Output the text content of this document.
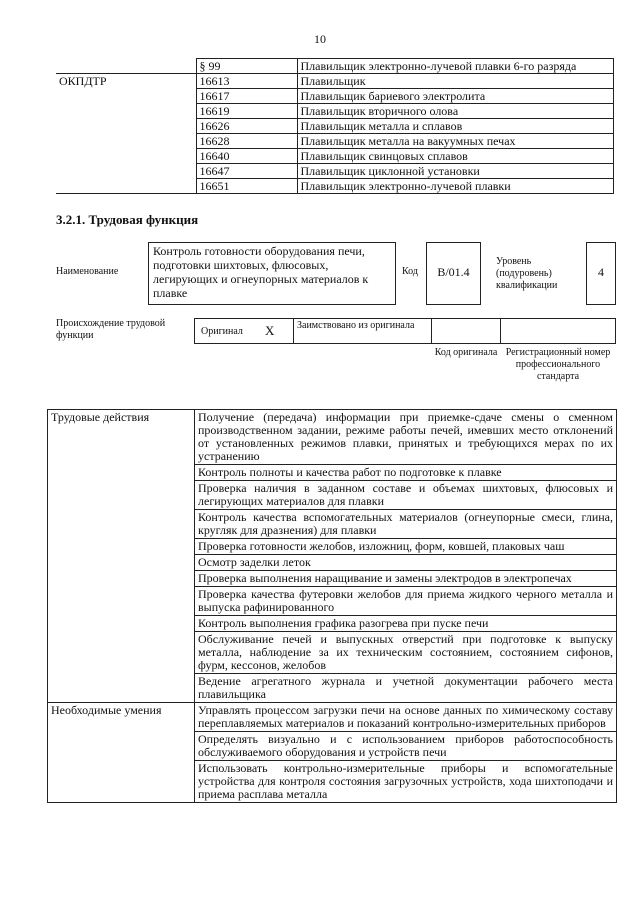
10
	§ 99	Плавильщик электронно-лучевой плавки 6-го разряда
ОКПДТР	16613	Плавильщик
	16617	Плавильщик бариевого электролита
	16619	Плавильщик вторичного олова
	16626	Плавильщик металла и сплавов
	16628	Плавильщик металла на вакуумных печах
	16640	Плавильщик свинцовых сплавов
	16647	Плавильщик циклонной установки
	16651	Плавильщик электронно-лучевой плавки
3.2.1. Трудовая функция
Наименование
Контроль готовности оборудования печи, подготовки шихтовых, флюсовых, легирующих и огнеупорных материалов к плавке
Код	В/01.4
Уровень (подуровень) квалификации
4
Происхождение трудовой функции	Оригинал X	Заимствовано из оригинала
Код оригинала Регистрационный номер профессионального стандарта
Трудовые действия	Получение (передача) информации при приемке-сдаче смены о сменном производственном задании, режиме работы печей, имевших место отклонений от установленных режимов плавки, принятых и требующихся мерах по их устранению
	Контроль полноты и качества работ по подготовке к плавке
	Проверка наличия в заданном составе и объемах шихтовых, флюсовых и легирующих материалов для плавки
	Контроль качества вспомогательных материалов (огнеупорные смеси, глина, кругляк для дразнения) для плавки
	Проверка готовности желобов, изложниц, форм, ковшей, плаковых чаш
	Осмотр заделки леток
	Проверка выполнения наращивание и замены электродов в электропечах
	Проверка качества футеровки желобов для приема жидкого черного металла и выпуска рафинированного
	Контроль выполнения графика разогрева при пуске печи
	Обслуживание печей и выпускных отверстий при подготовке к выпуску металла, наблюдение за их техническим состоянием, состоянием сифонов, фурм, кессонов, желобов
	Ведение агрегатного журнала и учетной документации рабочего места плавильщика
Необходимые умения	Управлять процессом загрузки печи на основе данных по химическому составу переплавляемых материалов и показаний контрольно-измерительных приборов
	Определять визуально и с использованием приборов работоспособность обслуживаемого оборудования и устройств печи
	Использовать контрольно-измерительные приборы и вспомогательные устройства для контроля состояния загрузочных устройств, хода шихтоподачи и приема расплава металла
